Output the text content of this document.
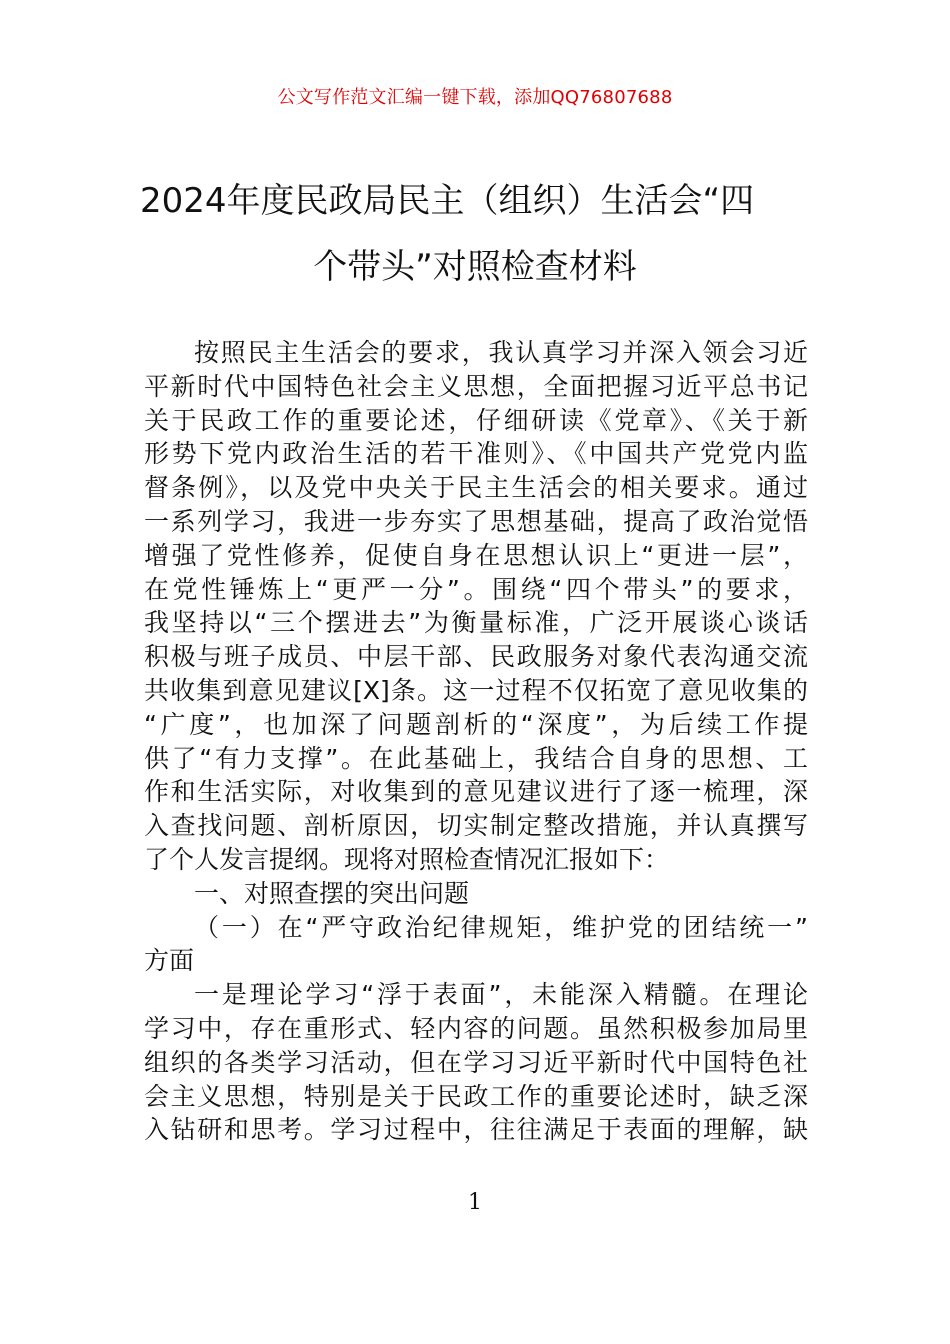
公文写作范文汇编一键下载，添加QQ76807688
2024年度民政局民主（组织）生活会“四
个带头”对照检查材料
按照民主生活会的要求，我认真学习并深入领会习近
平新时代中国特色社会主义思想，全面把握习近平总书记
关于民政工作的重要论述，仔细研读《党章》、《关于新
形势下党内政治生活的若干准则》、《中国共产党党内监
督条例》，以及党中央关于民主生活会的相关要求。通过
一系列学习，我进一步夯实了思想基础，提高了政治觉悟
增强了党性修养，促使自身在思想认识上“更进一层”，
在党性锤炼上“更严一分”。围绕“四个带头”的要求，
我坚持以“三个摆进去”为衡量标准，广泛开展谈心谈话
积极与班子成员、中层干部、民政服务对象代表沟通交流
共收集到意见建议[X]条。这一过程不仅拓宽了意见收集的
“广度”，也加深了问题剖析的“深度”，为后续工作提
供了“有力支撑”。在此基础上，我结合自身的思想、工
作和生活实际，对收集到的意见建议进行了逐一梳理，深
入查找问题、剖析原因，切实制定整改措施，并认真撰写
了个人发言提纲。现将对照检查情况汇报如下：
一、对照查摆的突出问题
（一）在“严守政治纪律规矩，维护党的团结统一”
方面
一是理论学习“浮于表面”，未能深入精髓。在理论
学习中，存在重形式、轻内容的问题。虽然积极参加局里
组织的各类学习活动，但在学习习近平新时代中国特色社
会主义思想，特别是关于民政工作的重要论述时，缺乏深
入钻研和思考。学习过程中，往往满足于表面的理解，缺
1
